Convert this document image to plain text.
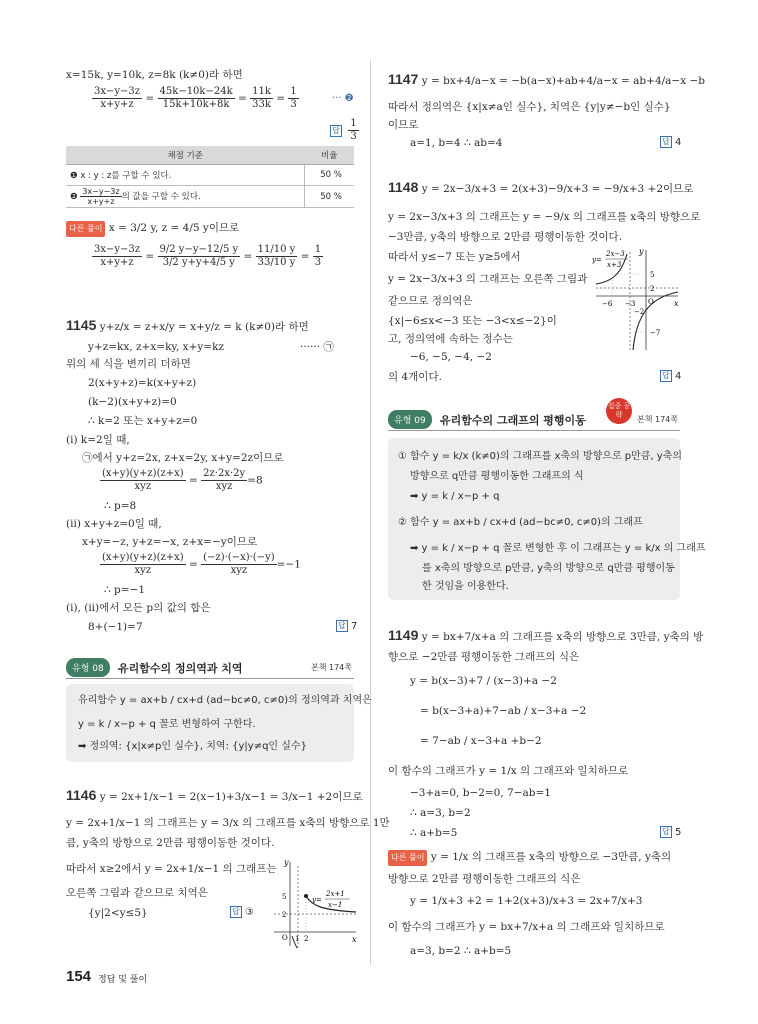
x=15k, y=10k, z=8k (k≠0)라 하면
$\frac{3x-y-3z}{x+y+z} = \frac{45k-10k-24k}{15k+10k+8k} = \frac{11k}{33k} = \frac{1}{3}$	··· ❷
답 $\frac{1}{3}$
채점 기준	비율
❶ x : y : z를 구할 수 있다.	50 %
❷ $\frac{3x-y-3z}{x+y+z}$ 의 값을 구할 수 있다.	50 %
다른 풀이 x = 3/2 y, z = 4/5 y이므로
$\frac{3x-y-3z}{x+y+z} = \frac{9/2 y-y-12/5 y}{3/2 y+y+4/5 y} = \frac{11/10 y}{33/10 y} = \frac{1}{3}$
1145 y+z/x = z+x/y = x+y/z = k (k≠0)라 하면
y+z=kx, z+x=ky, x+y=kz	······ ㉠
위의 세 식을 변끼리 더하면
2(x+y+z)=k(x+y+z)
(k−2)(x+y+z)=0
∴ k=2 또는 x+y+z=0
(i) k=2일 때,
㉠에서 y+z=2x, z+x=2y, x+y=2z이므로
$\frac{(x+y)(y+z)(z+x)}{\text{xyz}} = \frac{2z\cdot 2x\cdot 2y}{\text{xyz}} =8$
∴ p=8
(ii) x+y+z=0일 때,
x+y=−z, y+z=−x, z+x=−y이므로
$\frac{(x+y)(y+z)(z+x)}{\text{xyz}} = \frac{(-z)\cdot(-x)\cdot(-y)}{\text{xyz}} =-1$
∴ p=−1
(i), (ii)에서 모든 p의 값의 합은
8+(−1)=7	답 7
유형 08	유리함수의 정의역과 치역	본책 174쪽
유리함수 y = ax+b / cx+d (ad−bc≠0, c≠0)의 정의역과 치역은
y = k / x−p + q 꼴로 변형하여 구한다.
➡ 정의역: {x|x≠p인 실수}, 치역: {y|y≠q인 실수}
1146 y = 2x+1/x−1 = 2(x−1)+3/x−1 = 3/x−1 +2이므로
y = 2x+1/x−1 의 그래프는 y = 3/x 의 그래프를 x축의 방향으로 1만
큼, y축의 방향으로 2만큼 평행이동한 것이다.
따라서 x≥2에서 y = 2x+1/x−1 의 그래프는
오른쪽 그림과 같으므로 치역은
{y|2<y≤5}	답 ③
y
x
O
5
2
1 2
y=
2x+1
x−1
154 정답 및 풀이
1147 y = bx+4/a−x = −b(a−x)+ab+4/a−x = ab+4/a−x −b
따라서 정의역은 {x|x≠a인 실수}, 치역은 {y|y≠−b인 실수}
이므로
a=1, b=4 ∴ ab=4	답 4
1148 y = 2x−3/x+3 = 2(x+3)−9/x+3 = −9/x+3 +2이므로
y = 2x−3/x+3 의 그래프는 y = −9/x 의 그래프를 x축의 방향으로
−3만큼, y축의 방향으로 2만큼 평행이동한 것이다.
따라서 y≤−7 또는 y≥5에서
y = 2x−3/x+3 의 그래프는 오른쪽 그림과
같으므로 정의역은
{x|−6≤x<−3 또는 −3<x≤−2}이
고, 정의역에 속하는 정수는
−6, −5, −4, −2
의 4개이다.	답 4
y
x
O
5
2
−7
−6 −3
−2
y=
2x−3
x+3
유형 09	유리함수의 그래프의 평행이동	본책 174쪽
집중 공략
① 함수 y = k/x (k≠0)의 그래프를 x축의 방향으로 p만큼, y축의
방향으로 q만큼 평행이동한 그래프의 식
➡ y = k / x−p + q
② 함수 y = ax+b / cx+d (ad−bc≠0, c≠0)의 그래프
➡ y = k / x−p + q 꼴로 변형한 후 이 그래프는 y = k/x 의 그래프
를 x축의 방향으로 p만큼, y축의 방향으로 q만큼 평행이동
한 것임을 이용한다.
1149 y = bx+7/x+a 의 그래프를 x축의 방향으로 3만큼, y축의 방
향으로 −2만큼 평행이동한 그래프의 식은
y = b(x−3)+7 / (x−3)+a −2
= b(x−3+a)+7−ab / x−3+a −2
= 7−ab / x−3+a +b−2
이 함수의 그래프가 y = 1/x 의 그래프와 일치하므로
−3+a=0, b−2=0, 7−ab=1
∴ a=3, b=2
∴ a+b=5	답 5
다른 풀이 y = 1/x 의 그래프를 x축의 방향으로 −3만큼, y축의
방향으로 2만큼 평행이동한 그래프의 식은
y = 1/x+3 +2 = 1+2(x+3)/x+3 = 2x+7/x+3
이 함수의 그래프가 y = bx+7/x+a 의 그래프와 일치하므로
a=3, b=2 ∴ a+b=5
